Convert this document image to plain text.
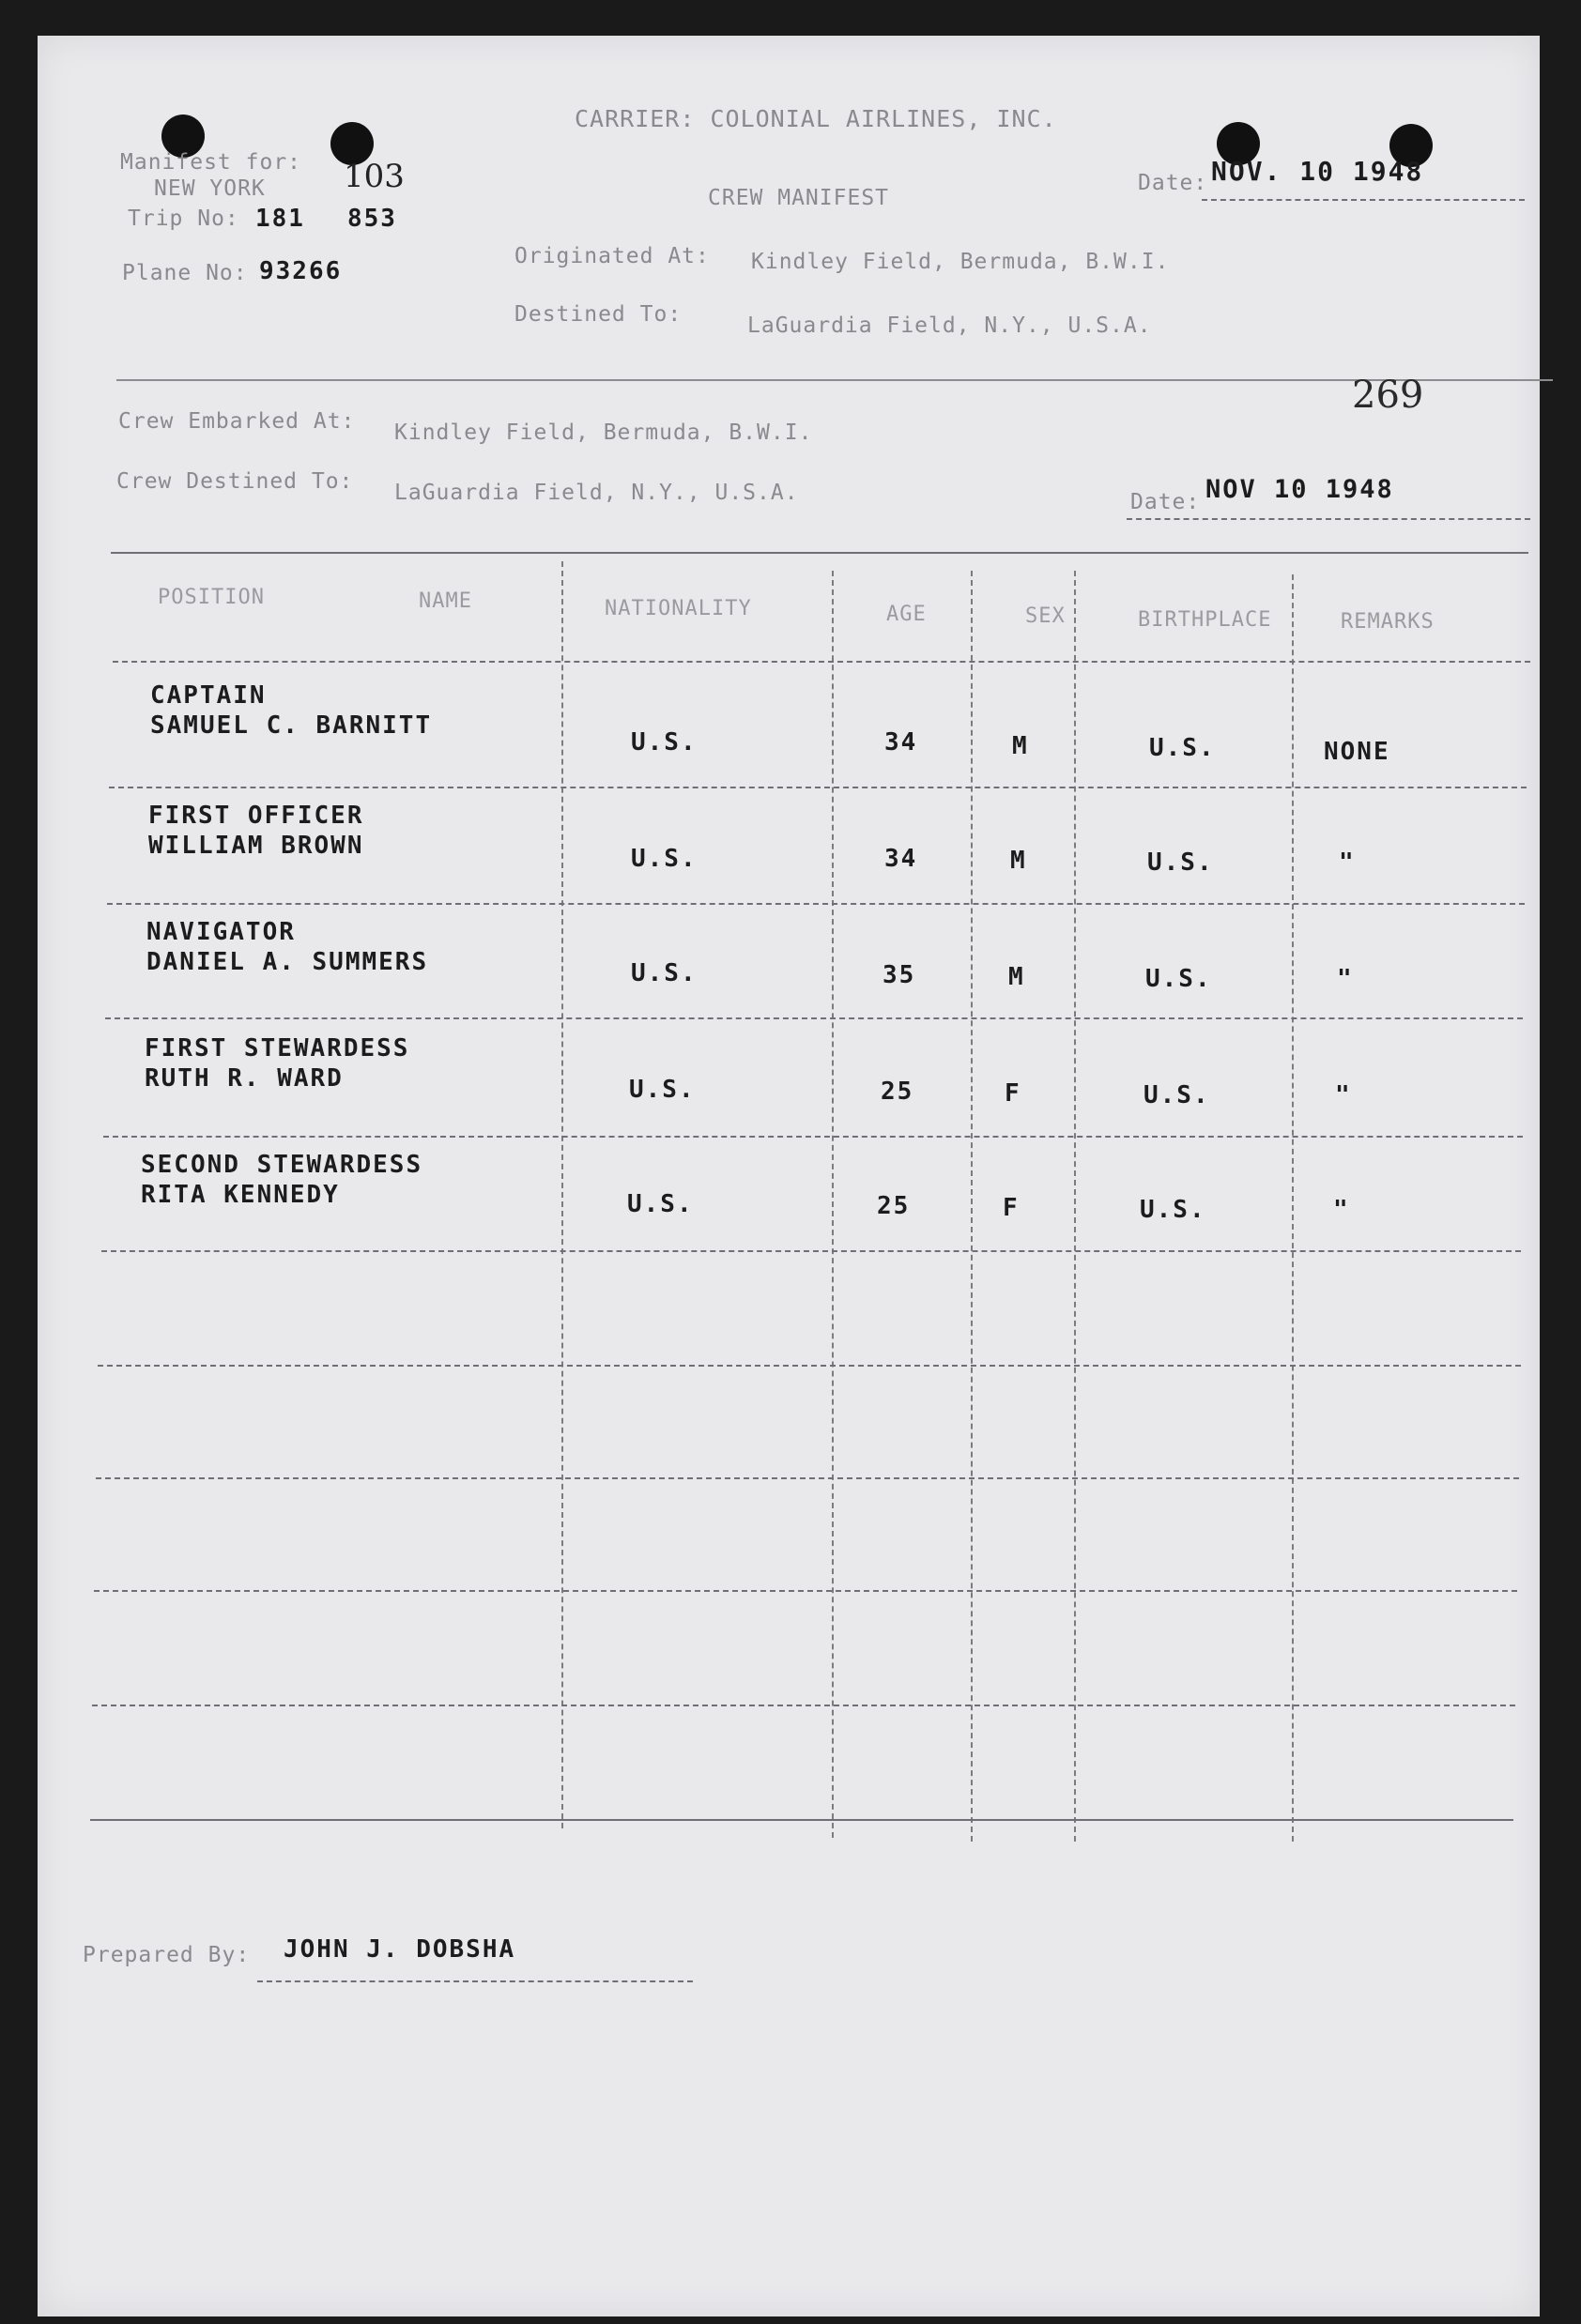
CARRIER: COLONIAL AIRLINES, INC.
Manifest for:
NEW YORK
Trip No: 181 853
103
Plane No: 93266
CREW MANIFEST
Date: NOV. 10 1948
Originated At: Kindley Field, Bermuda, B.W.I.
Destined To:	LaGuardia Field, N.Y., U.S.A.
269
Crew Embarked At: Kindley Field, Bermuda, B.W.I.
Crew Destined To: LaGuardia Field, N.Y., U.S.A.	Date: NOV 10 1948
POSITION	NAME	NATIONALITY	AGE	SEX	BIRTHPLACE	REMARKS
CAPTAIN
SAMUEL C. BARNITT
U.S.	34	M	U.S.	NONE
FIRST OFFICER
WILLIAM BROWN	U.S.	34	M	U.S.	"
NAVIGATOR
DANIEL A. SUMMERS	U.S.	35	M	U.S.	"
FIRST STEWARDESS
RUTH R. WARD	U.S.	25	F	U.S.	"
SECOND STEWARDESS
RITA KENNEDY	U.S.	25	F	U.S.	"
Prepared By: JOHN J. DOBSHA
